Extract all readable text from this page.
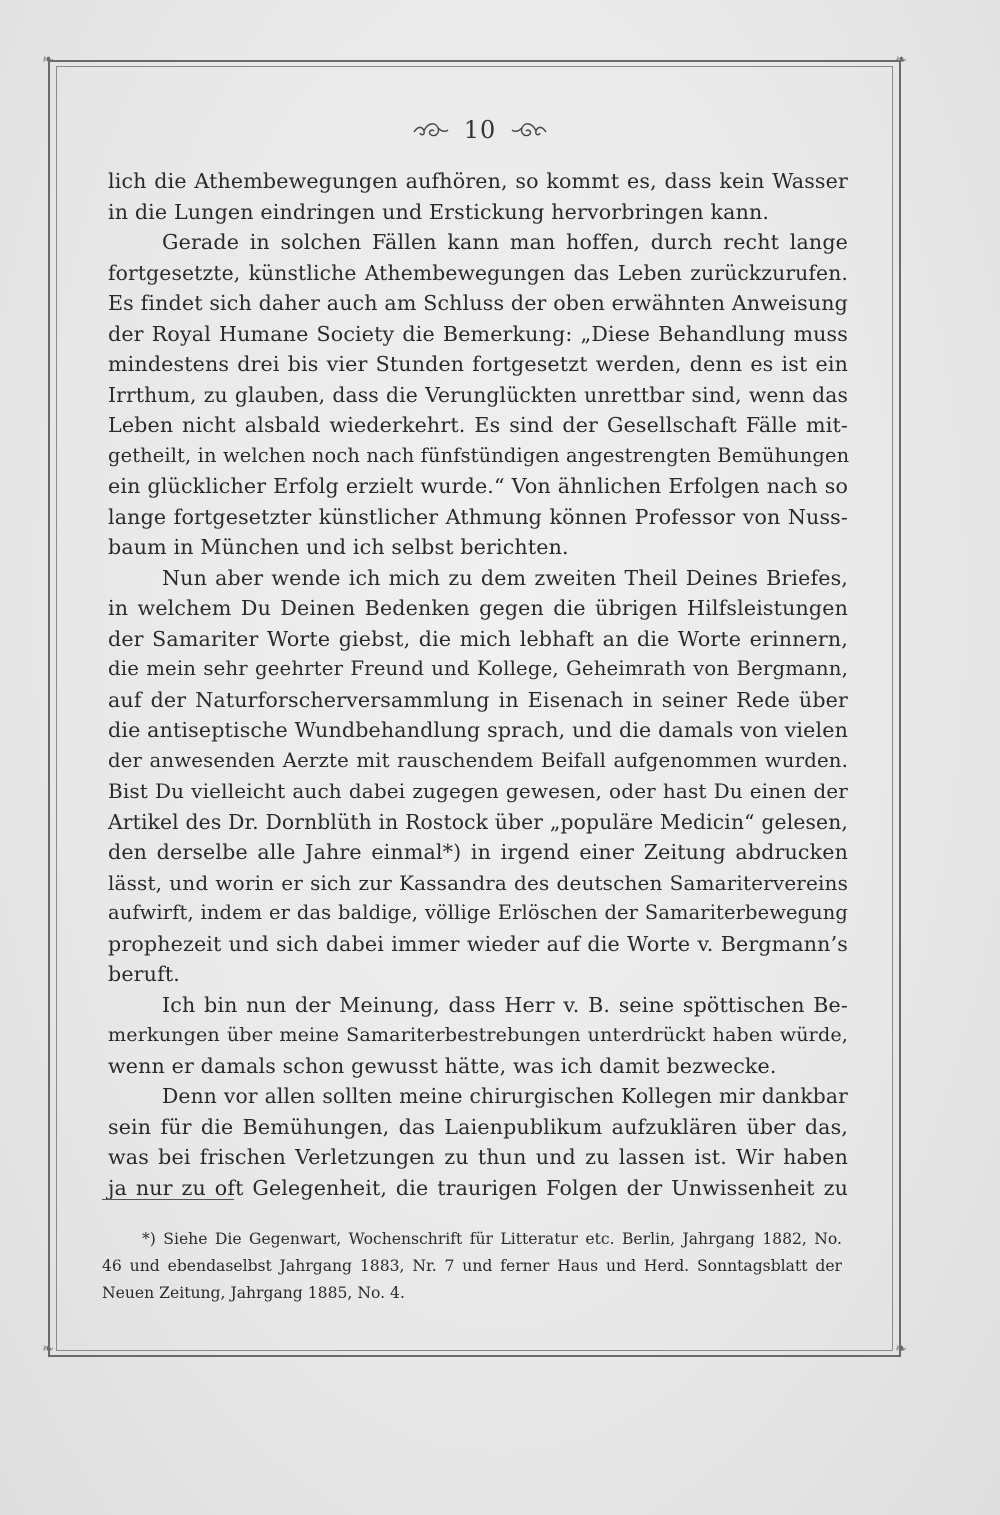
❧	❧
❧	❧
10
lich die Athembewegungen aufhören, so kommt es, dass kein Wasser
in die Lungen eindringen und Erstickung hervorbringen kann.
Gerade in solchen Fällen kann man hoffen, durch recht lange
fortgesetzte, künstliche Athembewegungen das Leben zurückzurufen.
Es findet sich daher auch am Schluss der oben erwähnten Anweisung
der Royal Humane Society die Bemerkung: „Diese Behandlung muss
mindestens drei bis vier Stunden fortgesetzt werden, denn es ist ein
Irrthum, zu glauben, dass die Verunglückten unrettbar sind, wenn das
Leben nicht alsbald wiederkehrt. Es sind der Gesellschaft Fälle mit-
getheilt, in welchen noch nach fünfstündigen angestrengten Bemühungen
ein glücklicher Erfolg erzielt wurde.“ Von ähnlichen Erfolgen nach so
lange fortgesetzter künstlicher Athmung können Professor von Nuss-
baum in München und ich selbst berichten.
Nun aber wende ich mich zu dem zweiten Theil Deines Briefes,
in welchem Du Deinen Bedenken gegen die übrigen Hilfsleistungen
der Samariter Worte giebst, die mich lebhaft an die Worte erinnern,
die mein sehr geehrter Freund und Kollege, Geheimrath von Bergmann,
auf der Naturforscherversammlung in Eisenach in seiner Rede über
die antiseptische Wundbehandlung sprach, und die damals von vielen
der anwesenden Aerzte mit rauschendem Beifall aufgenommen wurden.
Bist Du vielleicht auch dabei zugegen gewesen, oder hast Du einen der
Artikel des Dr. Dornblüth in Rostock über „populäre Medicin“ gelesen,
den derselbe alle Jahre einmal*) in irgend einer Zeitung abdrucken
lässt, und worin er sich zur Kassandra des deutschen Samaritervereins
aufwirft, indem er das baldige, völlige Erlöschen der Samariterbewegung
prophezeit und sich dabei immer wieder auf die Worte v. Bergmann’s
beruft.
Ich bin nun der Meinung, dass Herr v. B. seine spöttischen Be-
merkungen über meine Samariterbestrebungen unterdrückt haben würde,
wenn er damals schon gewusst hätte, was ich damit bezwecke.
Denn vor allen sollten meine chirurgischen Kollegen mir dankbar
sein für die Bemühungen, das Laienpublikum aufzuklären über das,
was bei frischen Verletzungen zu thun und zu lassen ist. Wir haben
ja nur zu oft Gelegenheit, die traurigen Folgen der Unwissenheit zu
*) Siehe Die Gegenwart, Wochenschrift für Litteratur etc. Berlin, Jahrgang 1882, No.
46 und ebendaselbst Jahrgang 1883, Nr. 7 und ferner Haus und Herd. Sonntagsblatt der
Neuen Zeitung, Jahrgang 1885, No. 4.
